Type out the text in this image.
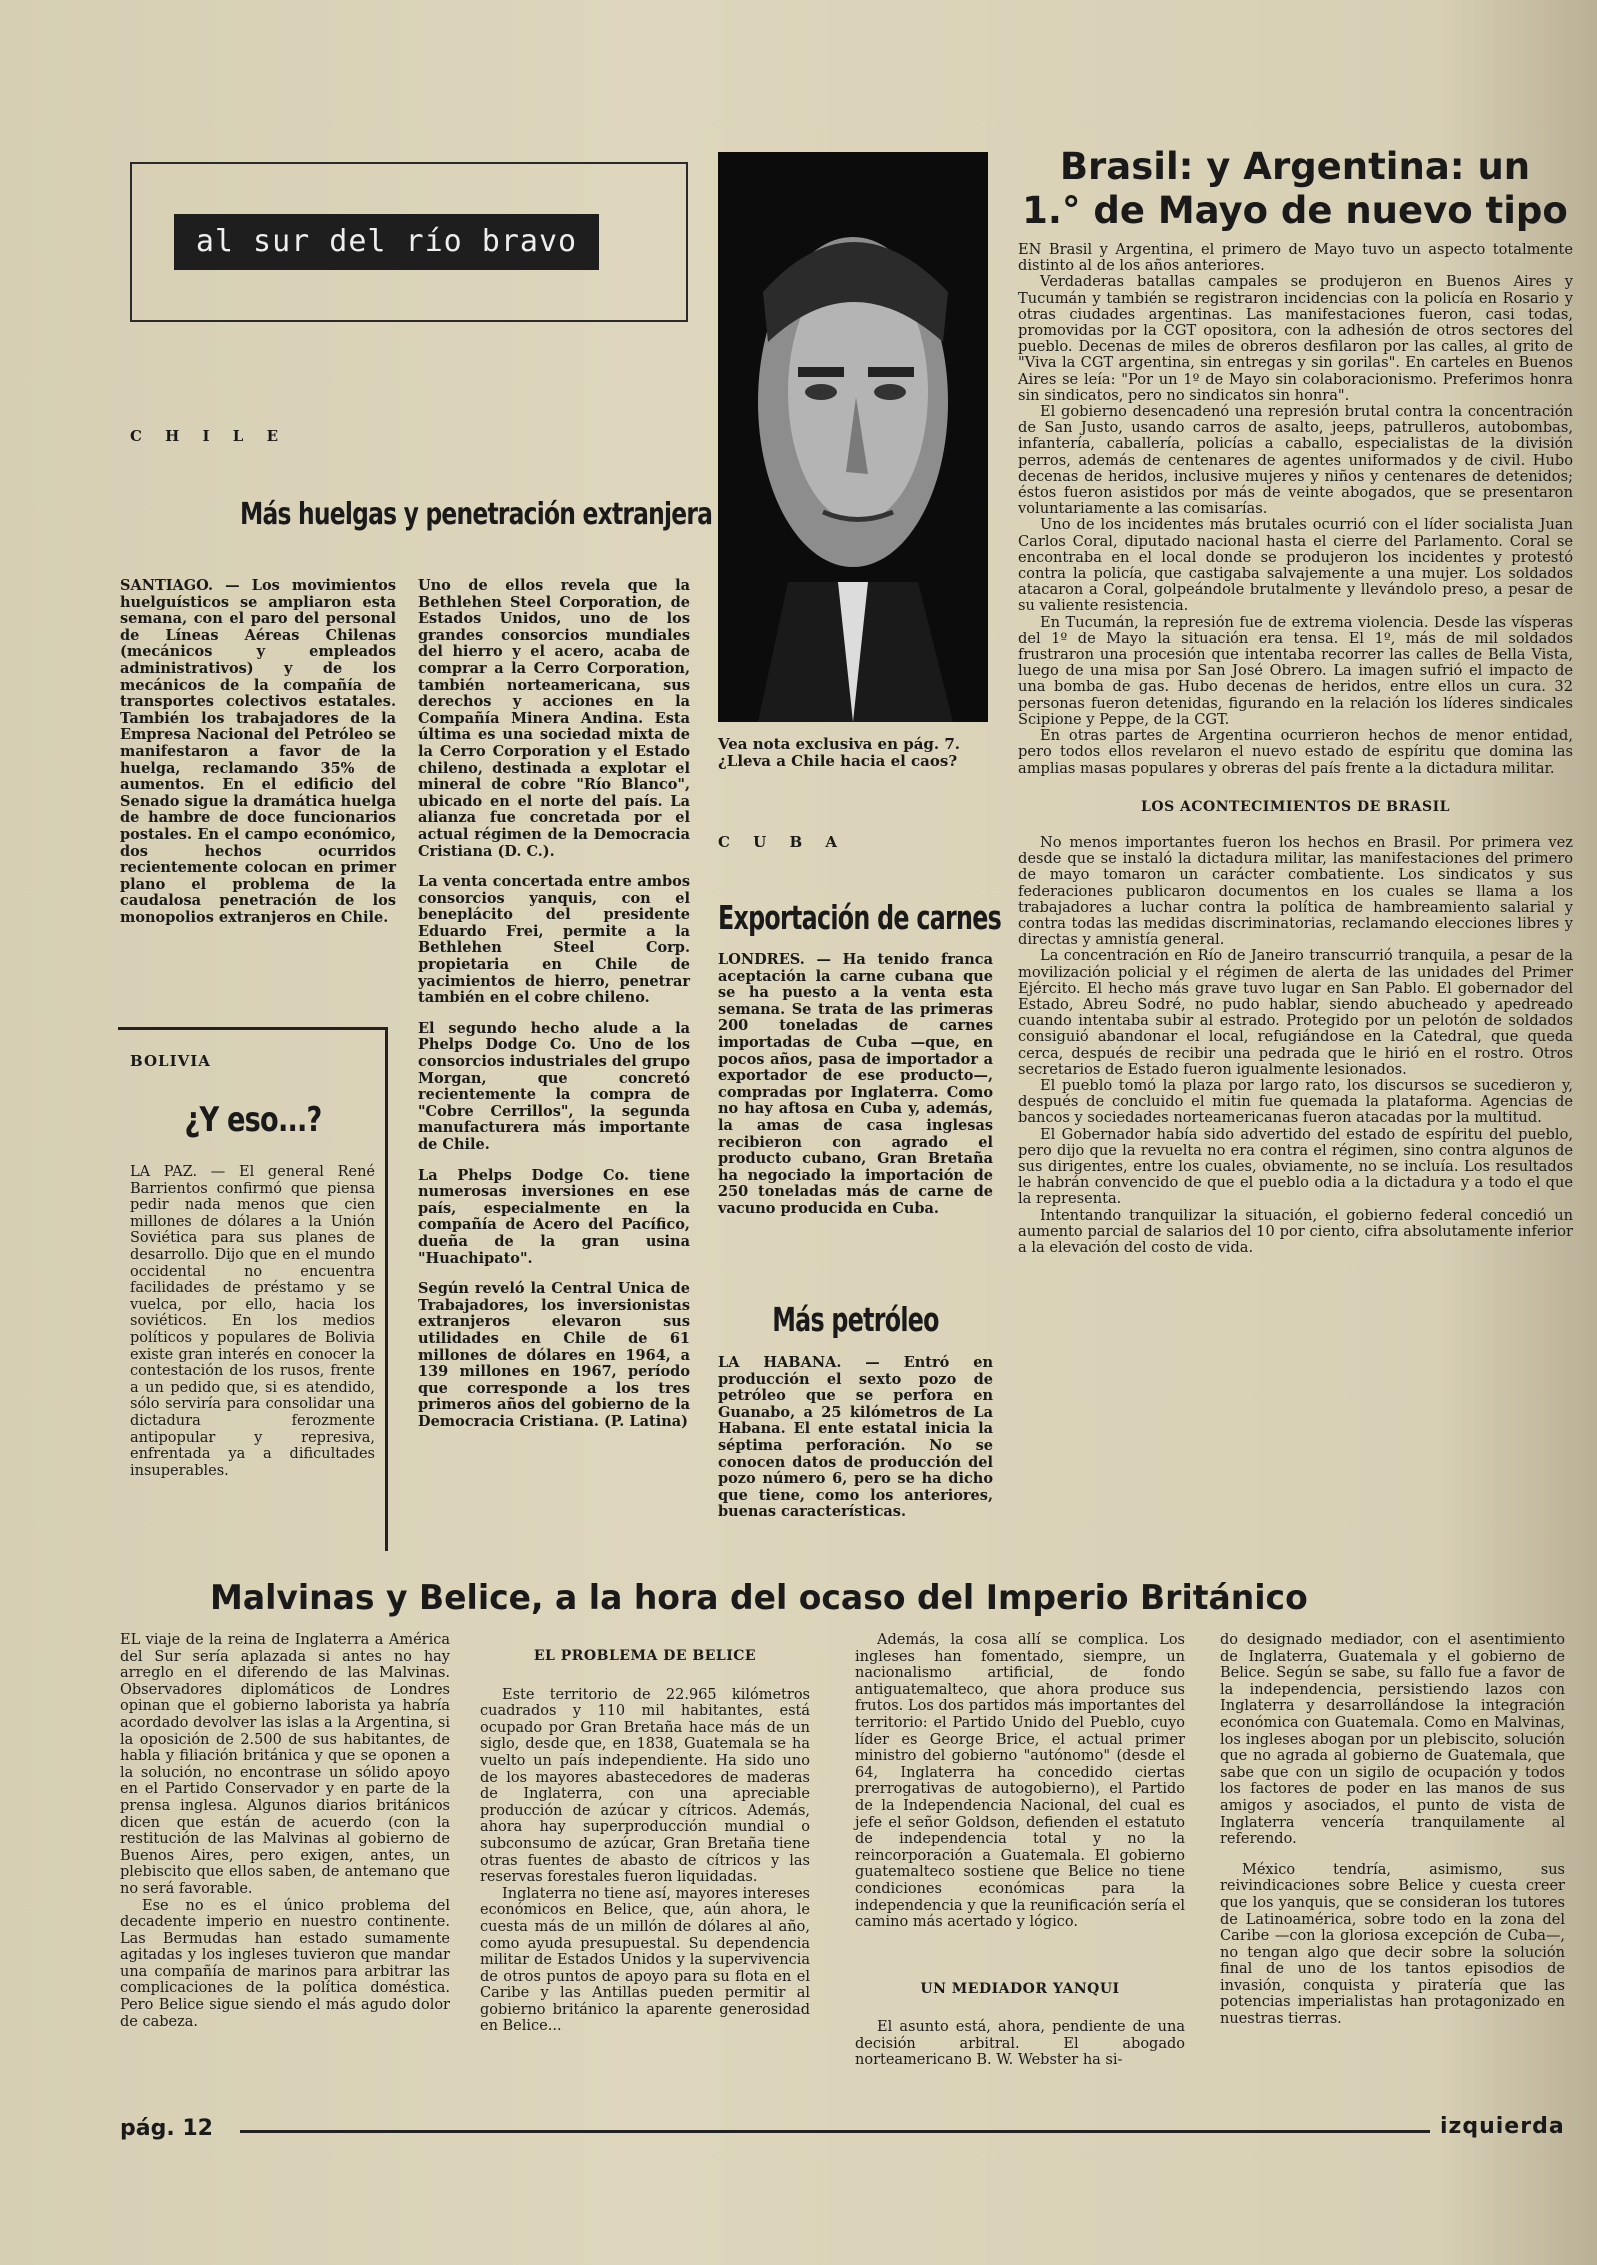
al sur del río bravo
C H I L E
Más huelgas y penetración extranjera

SANTIAGO. — Los movimientos huelguísticos se ampliaron esta semana, con el paro del personal de Líneas Aéreas Chilenas (mecánicos y empleados administrativos) y de los mecánicos de la compañía de transportes colectivos estatales. También los trabajadores de la Empresa Nacional del Petróleo se manifestaron a favor de la huelga, reclamando 35% de aumentos. En el edificio del Senado sigue la dramática huelga de hambre de doce funcionarios postales. En el campo económico, dos hechos ocurridos recientemente colocan en primer plano el problema de la caudalosa penetración de los monopolios extranjeros en Chile.

Uno de ellos revela que la Bethlehen Steel Corporation, de Estados Unidos, uno de los grandes consorcios mundiales del hierro y el acero, acaba de comprar a la Cerro Corporation, también norteamericana, sus derechos y acciones en la Compañía Minera Andina. Esta última es una sociedad mixta de la Cerro Corporation y el Estado chileno, destinada a explotar el mineral de cobre "Río Blanco", ubicado en el norte del país. La alianza fue concretada por el actual régimen de la Democracia Cristiana (D. C.).

La venta concertada entre ambos consorcios yanquis, con el beneplácito del presidente Eduardo Frei, permite a la Bethlehen Steel Corp. propietaria en Chile de yacimientos de hierro, penetrar también en el cobre chileno.

El segundo hecho alude a la Phelps Dodge Co. Uno de los consorcios industriales del grupo Morgan, que concretó recientemente la compra de "Cobre Cerrillos", la segunda manufacturera más importante de Chile.

La Phelps Dodge Co. tiene numerosas inversiones en ese país, especialmente en la compañía de Acero del Pacífico, dueña de la gran usina "Huachipato".

Según reveló la Central Unica de Trabajadores, los inversionistas extranjeros elevaron sus utilidades en Chile de 61 millones de dólares en 1964, a 139 millones en 1967, período que corresponde a los tres primeros años del gobierno de la Democracia Cristiana. (P. Latina)

BOLIVIA
¿Y eso...?
LA PAZ. — El general René Barrientos confirmó que piensa pedir nada menos que cien millones de dólares a la Unión Soviética para sus planes de desarrollo. Dijo que en el mundo occidental no encuentra facilidades de préstamo y se vuelca, por ello, hacia los soviéticos. En los medios políticos y populares de Bolivia existe gran interés en conocer la contestación de los rusos, frente a un pedido que, si es atendido, sólo serviría para consolidar una dictadura ferozmente antipopular y represiva, enfrentada ya a dificultades insuperables.
Vea nota exclusiva en pág. 7. ¿Lleva a Chile hacia el caos?
C U B A
Exportación de carnes
LONDRES. — Ha tenido franca aceptación la carne cubana que se ha puesto a la venta esta semana. Se trata de las primeras 200 toneladas de carnes importadas de Cuba —que, en pocos años, pasa de importador a exportador de ese producto—, compradas por Inglaterra. Como no hay aftosa en Cuba y, además, la amas de casa inglesas recibieron con agrado el producto cubano, Gran Bretaña ha negociado la importación de 250 toneladas más de carne de vacuno producida en Cuba.
Más petróleo
LA HABANA. — Entró en producción el sexto pozo de petróleo que se perfora en Guanabo, a 25 kilómetros de La Habana. El ente estatal inicia la séptima perforación. No se conocen datos de producción del pozo número 6, pero se ha dicho que tiene, como los anteriores, buenas características.
Brasil: y Argentina: un
1.° de Mayo de nuevo tipo

EN Brasil y Argentina, el primero de Mayo tuvo un aspecto totalmente distinto al de los años anteriores.

Verdaderas batallas campales se produjeron en Buenos Aires y Tucumán y también se registraron incidencias con la policía en Rosario y otras ciudades argentinas. Las manifestaciones fueron, casi todas, promovidas por la CGT opositora, con la adhesión de otros sectores del pueblo. Decenas de miles de obreros desfilaron por las calles, al grito de "Viva la CGT argentina, sin entregas y sin gorilas". En carteles en Buenos Aires se leía: "Por un 1º de Mayo sin colaboracionismo. Preferimos honra sin sindicatos, pero no sindicatos sin honra".

El gobierno desencadenó una represión brutal contra la concentración de San Justo, usando carros de asalto, jeeps, patrulleros, autobombas, infantería, caballería, policías a caballo, especialistas de la división perros, además de centenares de agentes uniformados y de civil. Hubo decenas de heridos, inclusive mujeres y niños y centenares de detenidos; éstos fueron asistidos por más de veinte abogados, que se presentaron voluntariamente a las comisarías.

Uno de los incidentes más brutales ocurrió con el líder socialista Juan Carlos Coral, diputado nacional hasta el cierre del Parlamento. Coral se encontraba en el local donde se produjeron los incidentes y protestó contra la policía, que castigaba salvajemente a una mujer. Los soldados atacaron a Coral, golpeándole brutalmente y llevándolo preso, a pesar de su valiente resistencia.

En Tucumán, la represión fue de extrema violencia. Desde las vísperas del 1º de Mayo la situación era tensa. El 1º, más de mil soldados frustraron una procesión que intentaba recorrer las calles de Bella Vista, luego de una misa por San José Obrero. La imagen sufrió el impacto de una bomba de gas. Hubo decenas de heridos, entre ellos un cura. 32 personas fueron detenidas, figurando en la relación los líderes sindicales Scipione y Peppe, de la CGT.

En otras partes de Argentina ocurrieron hechos de menor entidad, pero todos ellos revelaron el nuevo estado de espíritu que domina las amplias masas populares y obreras del país frente a la dictadura militar.

LOS ACONTECIMIENTOS DE BRASIL

No menos importantes fueron los hechos en Brasil. Por primera vez desde que se instaló la dictadura militar, las manifestaciones del primero de mayo tomaron un carácter combatiente. Los sindicatos y sus federaciones publicaron documentos en los cuales se llama a los trabajadores a luchar contra la política de hambreamiento salarial y contra todas las medidas discriminatorias, reclamando elecciones libres y directas y amnistía general.

La concentración en Río de Janeiro transcurrió tranquila, a pesar de la movilización policial y el régimen de alerta de las unidades del Primer Ejército. El hecho más grave tuvo lugar en San Pablo. El gobernador del Estado, Abreu Sodré, no pudo hablar, siendo abucheado y apedreado cuando intentaba subir al estrado. Protegido por un pelotón de soldados consiguió abandonar el local, refugiándose en la Catedral, que queda cerca, después de recibir una pedrada que le hirió en el rostro. Otros secretarios de Estado fueron igualmente lesionados.

El pueblo tomó la plaza por largo rato, los discursos se sucedieron y, después de concluido el mitin fue quemada la plataforma. Agencias de bancos y sociedades norteamericanas fueron atacadas por la multitud.

El Gobernador había sido advertido del estado de espíritu del pueblo, pero dijo que la revuelta no era contra el régimen, sino contra algunos de sus dirigentes, entre los cuales, obviamente, no se incluía. Los resultados le habrán convencido de que el pueblo odia a la dictadura y a todo el que la representa.

Intentando tranquilizar la situación, el gobierno federal concedió un aumento parcial de salarios del 10 por ciento, cifra absolutamente inferior a la elevación del costo de vida.

Malvinas y Belice, a la hora del ocaso del Imperio Británico

EL viaje de la reina de Inglaterra a América del Sur sería aplazada si antes no hay arreglo en el diferendo de las Malvinas. Observadores diplomáticos de Londres opinan que el gobierno laborista ya habría acordado devolver las islas a la Argentina, si la oposición de 2.500 de sus habitantes, de habla y filiación británica y que se oponen a la solución, no encontrase un sólido apoyo en el Partido Conservador y en parte de la prensa inglesa. Algunos diarios británicos dicen que están de acuerdo (con la restitución de las Malvinas al gobierno de Buenos Aires, pero exigen, antes, un plebiscito que ellos saben, de antemano que no será favorable.

Ese no es el único problema del decadente imperio en nuestro continente. Las Bermudas han estado sumamente agitadas y los ingleses tuvieron que mandar una compañía de marinos para arbitrar las complicaciones de la política doméstica. Pero Belice sigue siendo el más agudo dolor de cabeza.

EL PROBLEMA DE BELICE

Este territorio de 22.965 kilómetros cuadrados y 110 mil habitantes, está ocupado por Gran Bretaña hace más de un siglo, desde que, en 1838, Guatemala se ha vuelto un país independiente. Ha sido uno de los mayores abastecedores de maderas de Inglaterra, con una apreciable producción de azúcar y cítricos. Además, ahora hay superproducción mundial o subconsumo de azúcar, Gran Bretaña tiene otras fuentes de abasto de cítricos y las reservas forestales fueron liquidadas.

Inglaterra no tiene así, mayores intereses económicos en Belice, que, aún ahora, le cuesta más de un millón de dólares al año, como ayuda presupuestal. Su dependencia militar de Estados Unidos y la supervivencia de otros puntos de apoyo para su flota en el Caribe y las Antillas pueden permitir al gobierno británico la aparente generosidad en Belice...

Además, la cosa allí se complica. Los ingleses han fomentado, siempre, un nacionalismo artificial, de fondo antiguatemalteco, que ahora produce sus frutos. Los dos partidos más importantes del territorio: el Partido Unido del Pueblo, cuyo líder es George Brice, el actual primer ministro del gobierno "autónomo" (desde el 64, Inglaterra ha concedido ciertas prerrogativas de autogobierno), el Partido de la Independencia Nacional, del cual es jefe el señor Goldson, defienden el estatuto de independencia total y no la reincorporación a Guatemala. El gobierno guatemalteco sostiene que Belice no tiene condiciones económicas para la independencia y que la reunificación sería el camino más acertado y lógico.

UN MEDIADOR YANQUI

El asunto está, ahora, pendiente de una decisión arbitral. El abogado norteamericano B. W. Webster ha si-

do designado mediador, con el asentimiento de Inglaterra, Guatemala y el gobierno de Belice. Según se sabe, su fallo fue a favor de la independencia, persistiendo lazos con Inglaterra y desarrollándose la integración económica con Guatemala. Como en Malvinas, los ingleses abogan por un plebiscito, solución que no agrada al gobierno de Guatemala, que sabe que con un sigilo de ocupación y todos los factores de poder en las manos de sus amigos y asociados, el punto de vista de Inglaterra vencería tranquilamente al referendo.

México tendría, asimismo, sus reivindicaciones sobre Belice y cuesta creer que los yanquis, que se consideran los tutores de Latinoamérica, sobre todo en la zona del Caribe —con la gloriosa excepción de Cuba—, no tengan algo que decir sobre la solución final de uno de los tantos episodios de invasión, conquista y piratería que las potencias imperialistas han protagonizado en nuestras tierras.

pág. 12	izquierda
